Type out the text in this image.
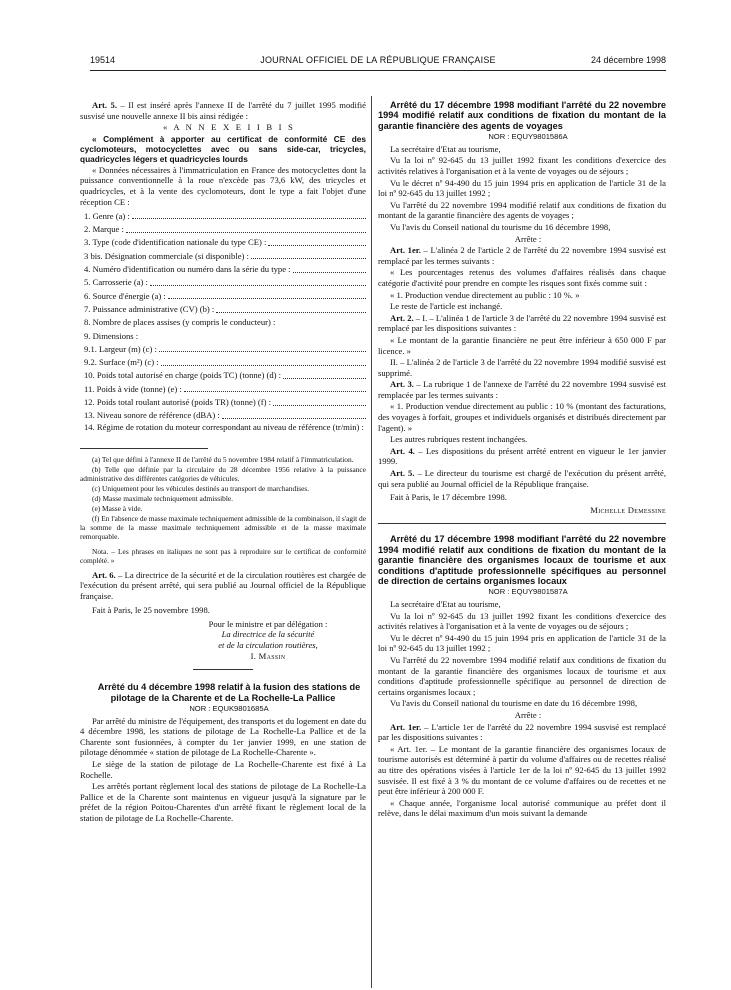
19514	JOURNAL OFFICIEL DE LA RÉPUBLIQUE FRANÇAISE	24 décembre 1998

Art. 5. – Il est inséré après l'annexe II de l'arrêté du 7 juillet 1995 modifié susvisé une nouvelle annexe II bis ainsi rédigée :

« A N N E X E I I B I S

« Complément à apporter au certificat de conformité CE des cyclomoteurs, motocyclettes avec ou sans side-car, tricycles, quadricycles légers et quadricycles lourds

« Données nécessaires à l'immatriculation en France des motocyclettes dont la puissance conventionnelle à la roue n'excède pas 73,6 kW, des tricycles et quadricycles, et à la vente des cyclomoteurs, dont le type a fait l'objet d'une réception CE :

1. Genre (a) :
2. Marque :
3. Type (code d'identification nationale du type CE) :
3 bis. Désignation commerciale (si disponible) :
4. Numéro d'identification ou numéro dans la série du type :
5. Carrosserie (a) :
6. Source d'énergie (a) :
7. Puissance administrative (CV) (b) :
8. Nombre de places assises (y compris le conducteur) :
9. Dimensions :
9.1. Largeur (m) (c) :
9.2. Surface (m²) (c) :
10. Poids total autorisé en charge (poids TC) (tonne) (d) :
11. Poids à vide (tonne) (e) :
12. Poids total roulant autorisé (poids TR) (tonne) (f) :
13. Niveau sonore de référence (dBA) :

14. Régime de rotation du moteur correspondant au niveau de référence (tr/min) :

(a) Tel que défini à l'annexe II de l'arrêté du 5 novembre 1984 relatif à l'immatriculation.

(b) Telle que définie par la circulaire du 28 décembre 1956 relative à la puissance administrative des différentes catégories de véhicules.

(c) Uniquement pour les véhicules destinés au transport de marchandises.

(d) Masse maximale techniquement admissible.

(e) Masse à vide.

(f) En l'absence de masse maximale techniquement admissible de la combinaison, il s'agit de la somme de la masse maximale techniquement admissible et de la masse maximale remorquable.

Nota. – Les phrases en italiques ne sont pas à reproduire sur le certificat de conformité complété. »

Art. 6. – La directrice de la sécurité et de la circulation routières est chargée de l'exécution du présent arrêté, qui sera publié au Journal officiel de la République française.

Fait à Paris, le 25 novembre 1998.

Pour le ministre et par délégation :
La directrice de la sécurité
et de la circulation routières,
I. Massin

Arrêté du 4 décembre 1998 relatif à la fusion des stations de pilotage de la Charente et de La Rochelle-La Pallice

NOR : EQUK9801685A

Par arrêté du ministre de l'équipement, des transports et du logement en date du 4 décembre 1998, les stations de pilotage de La Rochelle-La Pallice et de la Charente sont fusionnées, à compter du 1er janvier 1999, en une station de pilotage dénommée « station de pilotage de La Rochelle-Charente ».

Le siège de la station de pilotage de La Rochelle-Charente est fixé à La Rochelle.

Les arrêtés portant règlement local des stations de pilotage de La Rochelle-La Pallice et de la Charente sont maintenus en vigueur jusqu'à la signature par le préfet de la région Poitou-Charentes d'un arrêté fixant le règlement local de la station de pilotage de La Rochelle-Charente.

Arrêté du 17 décembre 1998 modifiant l'arrêté du 22 novembre 1994 modifié relatif aux conditions de fixation du montant de la garantie financière des agents de voyages

NOR : EQUY9801586A

La secrétaire d'Etat au tourisme,

Vu la loi nº 92-645 du 13 juillet 1992 fixant les conditions d'exercice des activités relatives à l'organisation et à la vente de voyages ou de séjours ;

Vu le décret nº 94-490 du 15 juin 1994 pris en application de l'article 31 de la loi nº 92-645 du 13 juillet 1992 ;

Vu l'arrêté du 22 novembre 1994 modifié relatif aux conditions de fixation du montant de la garantie financière des agents de voyages ;

Vu l'avis du Conseil national du tourisme du 16 décembre 1998,

Arrête :

Art. 1er. – L'alinéa 2 de l'article 2 de l'arrêté du 22 novembre 1994 susvisé est remplacé par les termes suivants :

« Les pourcentages retenus des volumes d'affaires réalisés dans chaque catégorie d'activité pour prendre en compte les risques sont fixés comme suit :

« 1. Production vendue directement au public : 10 %. »

Le reste de l'article est inchangé.

Art. 2. – I. – L'alinéa 1 de l'article 3 de l'arrêté du 22 novembre 1994 susvisé est remplacé par les dispositions suivantes :

« Le montant de la garantie financière ne peut être inférieur à 650 000 F par licence. »

II. – L'alinéa 2 de l'article 3 de l'arrêté du 22 novembre 1994 modifié susvisé est supprimé.

Art. 3. – La rubrique 1 de l'annexe de l'arrêté du 22 novembre 1994 susvisé est remplacée par les termes suivants :

« 1. Production vendue directement au public : 10 % (montant des facturations, des voyages à forfait, groupes et individuels organisés et distribués directement par l'agent). »

Les autres rubriques restent inchangées.

Art. 4. – Les dispositions du présent arrêté entrent en vigueur le 1er janvier 1999.

Art. 5. – Le directeur du tourisme est chargé de l'exécution du présent arrêté, qui sera publié au Journal officiel de la République française.

Fait à Paris, le 17 décembre 1998.

Michelle Demessine

Arrêté du 17 décembre 1998 modifiant l'arrêté du 22 novembre 1994 modifié relatif aux conditions de fixation du montant de la garantie financière des organismes locaux de tourisme et aux conditions d'aptitude professionnelle spécifiques au personnel de direction de certains organismes locaux

NOR : EQUY9801587A

La secrétaire d'Etat au tourisme,

Vu la loi nº 92-645 du 13 juillet 1992 fixant les conditions d'exercice des activités relatives à l'organisation et à la vente de voyages ou de séjours ;

Vu le décret nº 94-490 du 15 juin 1994 pris en application de l'article 31 de la loi nº 92-645 du 13 juillet 1992 ;

Vu l'arrêté du 22 novembre 1994 modifié relatif aux conditions de fixation du montant de la garantie financière des organismes locaux de tourisme et aux conditions d'aptitude professionnelle spécifique au personnel de direction de certains organismes locaux ;

Vu l'avis du Conseil national du tourisme en date du 16 décembre 1998,

Arrête :

Art. 1er. – L'article 1er de l'arrêté du 22 novembre 1994 susvisé est remplacé par les dispositions suivantes :

« Art. 1er. – Le montant de la garantie financière des organismes locaux de tourisme autorisés est déterminé à partir du volume d'affaires ou de recettes réalisé au titre des opérations visées à l'article 1er de la loi nº 92-645 du 13 juillet 1992 susvisée. Il est fixé à 3 % du montant de ce volume d'affaires ou de recettes et ne peut être inférieur à 200 000 F.

« Chaque année, l'organisme local autorisé communique au préfet dont il relève, dans le délai maximum d'un mois suivant la demande
